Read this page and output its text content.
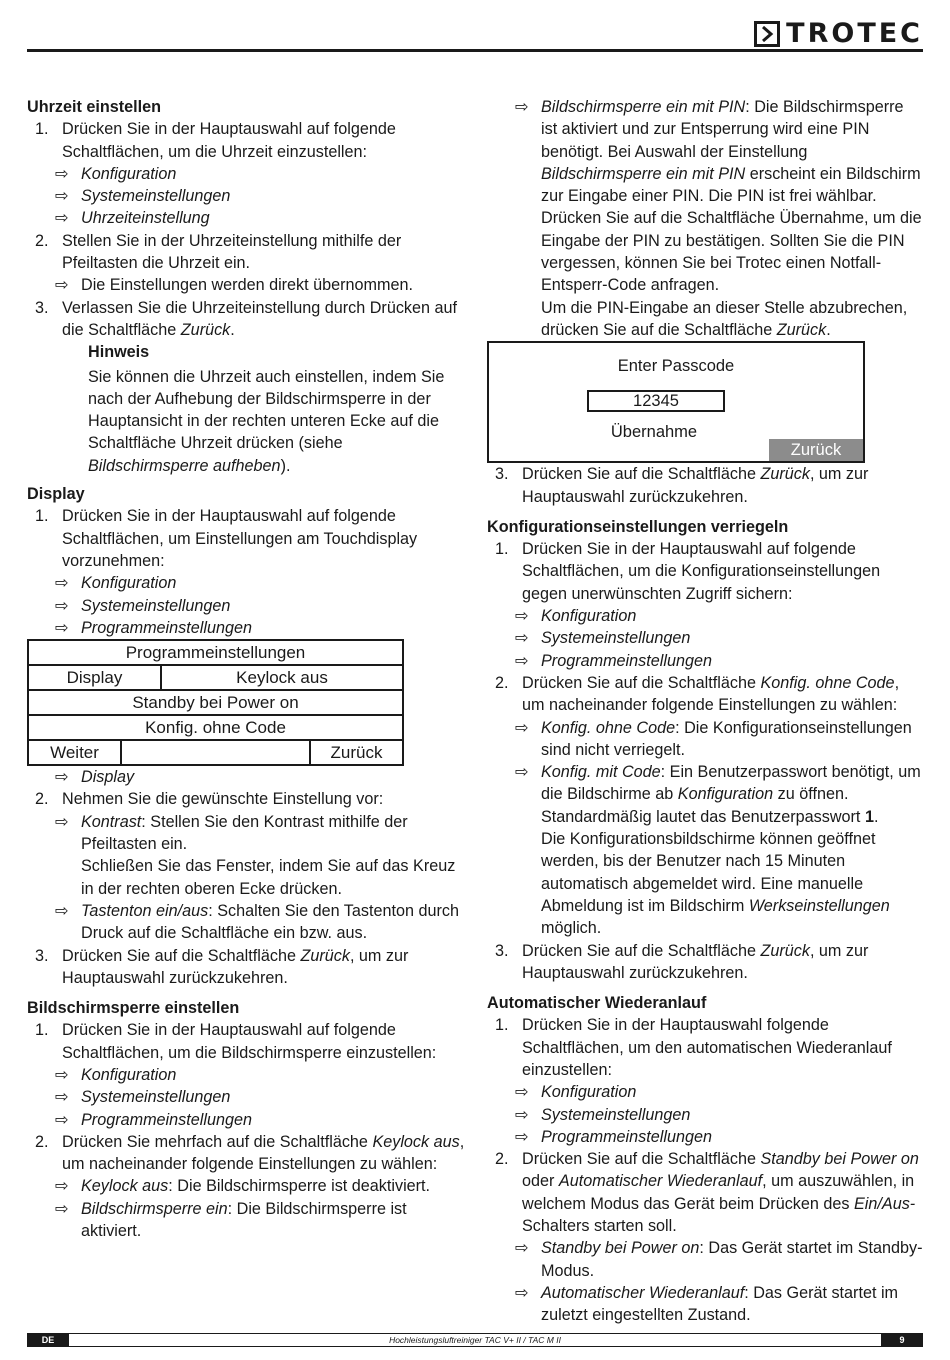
TROTEC
Uhrzeit einstellen
1. Drücken Sie in der Hauptauswahl auf folgende Schaltflächen, um die Uhrzeit einzustellen:
⇨ Konfiguration
⇨ Systemeinstellungen
⇨ Uhrzeiteinstellung
2. Stellen Sie in der Uhrzeiteinstellung mithilfe der Pfeiltasten die Uhrzeit ein.
⇨ Die Einstellungen werden direkt übernommen.
3. Verlassen Sie die Uhrzeiteinstellung durch Drücken auf die Schaltfläche Zurück.
Hinweis
Sie können die Uhrzeit auch einstellen, indem Sie nach der Aufhebung der Bildschirmsperre in der Hauptansicht in der rechten unteren Ecke auf die Schaltfläche Uhrzeit drücken (siehe Bildschirmsperre aufheben).
Display
1. Drücken Sie in der Hauptauswahl auf folgende Schaltflächen, um Einstellungen am Touchdisplay vorzunehmen:
⇨ Konfiguration
⇨ Systemeinstellungen
⇨ Programmeinstellungen
Programmeinstellungen
Display	Keylock aus
Standby bei Power on
Konfig. ohne Code
Weiter	Zurück
⇨ Display
2. Nehmen Sie die gewünschte Einstellung vor:
⇨ Kontrast: Stellen Sie den Kontrast mithilfe der Pfeiltasten ein.
Schließen Sie das Fenster, indem Sie auf das Kreuz in der rechten oberen Ecke drücken.
⇨ Tastenton ein/aus: Schalten Sie den Tastenton durch Druck auf die Schaltfläche ein bzw. aus.
3. Drücken Sie auf die Schaltfläche Zurück, um zur Hauptauswahl zurückzukehren.
Bildschirmsperre einstellen
1. Drücken Sie in der Hauptauswahl auf folgende Schaltflächen, um die Bildschirmsperre einzustellen:
⇨ Konfiguration
⇨ Systemeinstellungen
⇨ Programmeinstellungen
2. Drücken Sie mehrfach auf die Schaltfläche Keylock aus, um nacheinander folgende Einstellungen zu wählen:
⇨ Keylock aus: Die Bildschirmsperre ist deaktiviert.
⇨ Bildschirmsperre ein: Die Bildschirmsperre ist aktiviert.
⇨ Bildschirmsperre ein mit PIN: Die Bildschirmsperre ist aktiviert und zur Entsperrung wird eine PIN benötigt. Bei Auswahl der Einstellung Bildschirmsperre ein mit PIN erscheint ein Bildschirm zur Eingabe einer PIN. Die PIN ist frei wählbar. Drücken Sie auf die Schaltfläche Übernahme, um die Eingabe der PIN zu bestätigen. Sollten Sie die PIN vergessen, können Sie bei Trotec einen Notfall-Entsperr-Code anfragen.
Um die PIN-Eingabe an dieser Stelle abzubrechen, drücken Sie auf die Schaltfläche Zurück.
Enter Passcode
12345
Übernahme
Zurück
3. Drücken Sie auf die Schaltfläche Zurück, um zur Hauptauswahl zurückzukehren.
Konfigurationseinstellungen verriegeln
1. Drücken Sie in der Hauptauswahl auf folgende Schaltflächen, um die Konfigurationseinstellungen gegen unerwünschten Zugriff sichern:
⇨ Konfiguration
⇨ Systemeinstellungen
⇨ Programmeinstellungen
2. Drücken Sie auf die Schaltfläche Konfig. ohne Code, um nacheinander folgende Einstellungen zu wählen:
⇨ Konfig. ohne Code: Die Konfigurationseinstellungen sind nicht verriegelt.
⇨ Konfig. mit Code: Ein Benutzerpasswort benötigt, um die Bildschirme ab Konfiguration zu öffnen. Standardmäßig lautet das Benutzerpasswort 1.
Die Konfigurationsbildschirme können geöffnet werden, bis der Benutzer nach 15 Minuten automatisch abgemeldet wird. Eine manuelle Abmeldung ist im Bildschirm Werkseinstellungen möglich.
3. Drücken Sie auf die Schaltfläche Zurück, um zur Hauptauswahl zurückzukehren.
Automatischer Wiederanlauf
1. Drücken Sie in der Hauptauswahl folgende Schaltflächen, um den automatischen Wiederanlauf einzustellen:
⇨ Konfiguration
⇨ Systemeinstellungen
⇨ Programmeinstellungen
2. Drücken Sie auf die Schaltfläche Standby bei Power on oder Automatischer Wiederanlauf, um auszuwählen, in welchem Modus das Gerät beim Drücken des Ein/Aus-Schalters starten soll.
⇨ Standby bei Power on: Das Gerät startet im Standby-Modus.
⇨ Automatischer Wiederanlauf: Das Gerät startet im zuletzt eingestellten Zustand.
DE	Hochleistungsluftreiniger TAC V+ II / TAC M II	9
